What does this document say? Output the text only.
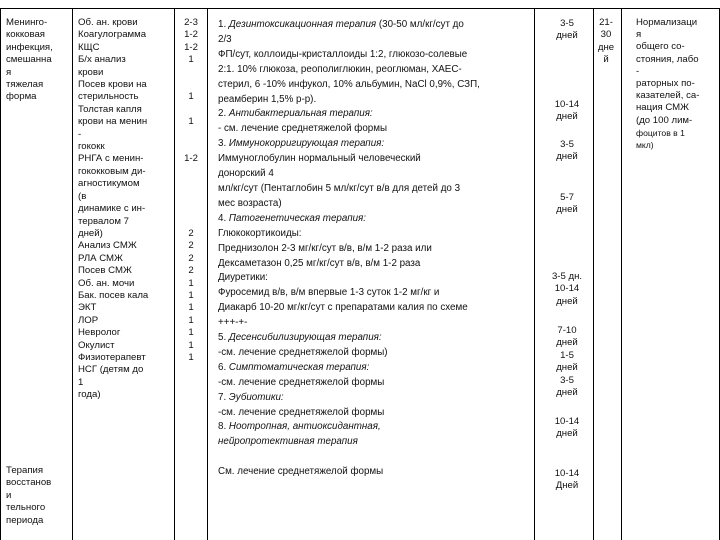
Менинго-
кокковая
инфекция,
смешанна
я
тяжелая
форма
Терапия
восстанов
и
тельного
периода
Об. ан. крови
Коагулограмма
КЩС
Б/х анализ
крови
Посев крови на
стерильность
Толстая капля
крови на менин
-
гококк
РНГА с менин-
гококковым ди-
агностикумом
(в
динамике с ин-
тервалом 7
дней)
Анализ СМЖ
РЛА СМЖ
Посев СМЖ
Об. ан. мочи
Бак. посев кала
ЭКТ
ЛОР
Невролог
Окулист
Физиотерапевт
НСГ (детям до
1
года)
2-3
1-2
1-2
1

1

1

1-2

2
2
2
2
1
1
1
1
1
1
1
1. Дезинтоксикационная терапия (30-50 мл/кг/сут до
2/3
ФП/сут, коллоиды-кристаллоиды 1:2, глюкозо-солевые
2:1. 10% глюкоза, реополиглюкин, реоглюман, ХАЕС-
стерил, 6 -10% инфукол, 10% альбумин, NaCl 0,9%, СЗП,
реамберин 1,5% р-р).
2. Антибактериальная терапия:
- см. лечение среднетяжелой формы
3. Иммунокорригирующая терапия:
Иммуноглобулин нормальный человеческий
донорский 4
мл/кг/сут (Пентаглобин 5 мл/кг/сут в/в для детей до 3
мес возраста)
4. Патогенетическая терапия:
Глюкокортикоиды:
Преднизолон 2-3 мг/кг/сут в/в, в/м 1-2 раза или
Дексаметазон 0,25 мг/кг/сут в/в, в/м 1-2 раза
Диуретики:
Фуросемид в/в, в/м впервые 1-3 суток 1-2 мг/кг и
Диакарб 10-20 мг/кг/сут с препаратами калия по схеме
+++-+-
5. Десенсибилизирующая терапия:
-см. лечение среднетяжелой формы)
6. Симптоматическая терапия:
-см. лечение среднетяжелой формы
7. Эубиотики:
-см. лечение среднетяжелой формы
8. Ноотропная, антиоксидантная,
нейропротективная терапия

См. лечение среднетяжелой формы
3-5
дней
10-14
дней
3-5
дней
5-7
дней
3-5 дн.
10-14
дней
7-10
дней
1-5
дней
3-5
дней
10-14
дней
10-14
Дней
21-
30
дне
й
Нормализаци
я
общего со-
стояния, лабо
-
раторных по-
казателей, са-
нация СМЖ
(до 100 лим-
фоцитов в 1
мкл)
